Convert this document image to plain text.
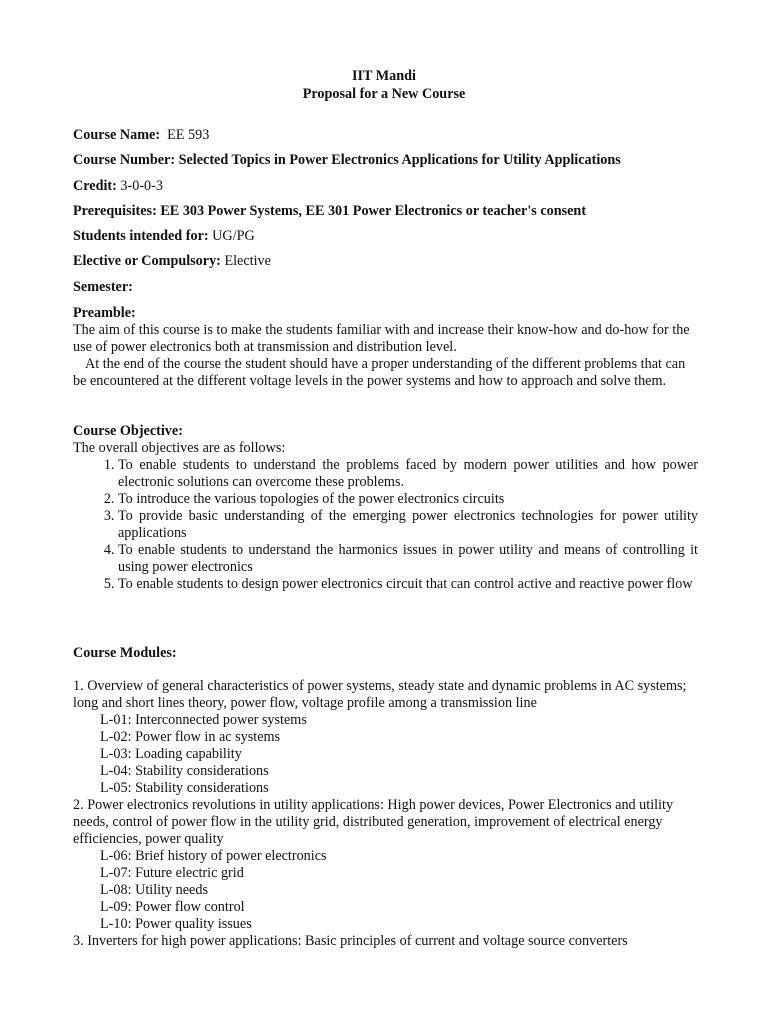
IIT Mandi
Proposal for a New Course
Course Name: EE 593
Course Number: Selected Topics in Power Electronics Applications for Utility Applications
Credit: 3-0-0-3
Prerequisites: EE 303 Power Systems, EE 301 Power Electronics or teacher's consent
Students intended for: UG/PG
Elective or Compulsory: Elective
Semester:
Preamble:
The aim of this course is to make the students familiar with and increase their know-how and do-how for the use of power electronics both at transmission and distribution level.
At the end of the course the student should have a proper understanding of the different problems that can be encountered at the different voltage levels in the power systems and how to approach and solve them.
Course Objective:
The overall objectives are as follows:
1. To enable students to understand the problems faced by modern power utilities and how power electronic solutions can overcome these problems.
2. To introduce the various topologies of the power electronics circuits
3. To provide basic understanding of the emerging power electronics technologies for power utility applications
4. To enable students to understand the harmonics issues in power utility and means of controlling it using power electronics
5. To enable students to design power electronics circuit that can control active and reactive power flow
Course Modules:
1. Overview of general characteristics of power systems, steady state and dynamic problems in AC systems; long and short lines theory, power flow, voltage profile among a transmission line
L-01: Interconnected power systems
L-02: Power flow in ac systems
L-03: Loading capability
L-04: Stability considerations
L-05: Stability considerations
2. Power electronics revolutions in utility applications: High power devices, Power Electronics and utility needs, control of power flow in the utility grid, distributed generation, improvement of electrical energy efficiencies, power quality
L-06: Brief history of power electronics
L-07: Future electric grid
L-08: Utility needs
L-09: Power flow control
L-10: Power quality issues
3. Inverters for high power applications: Basic principles of current and voltage source converters
